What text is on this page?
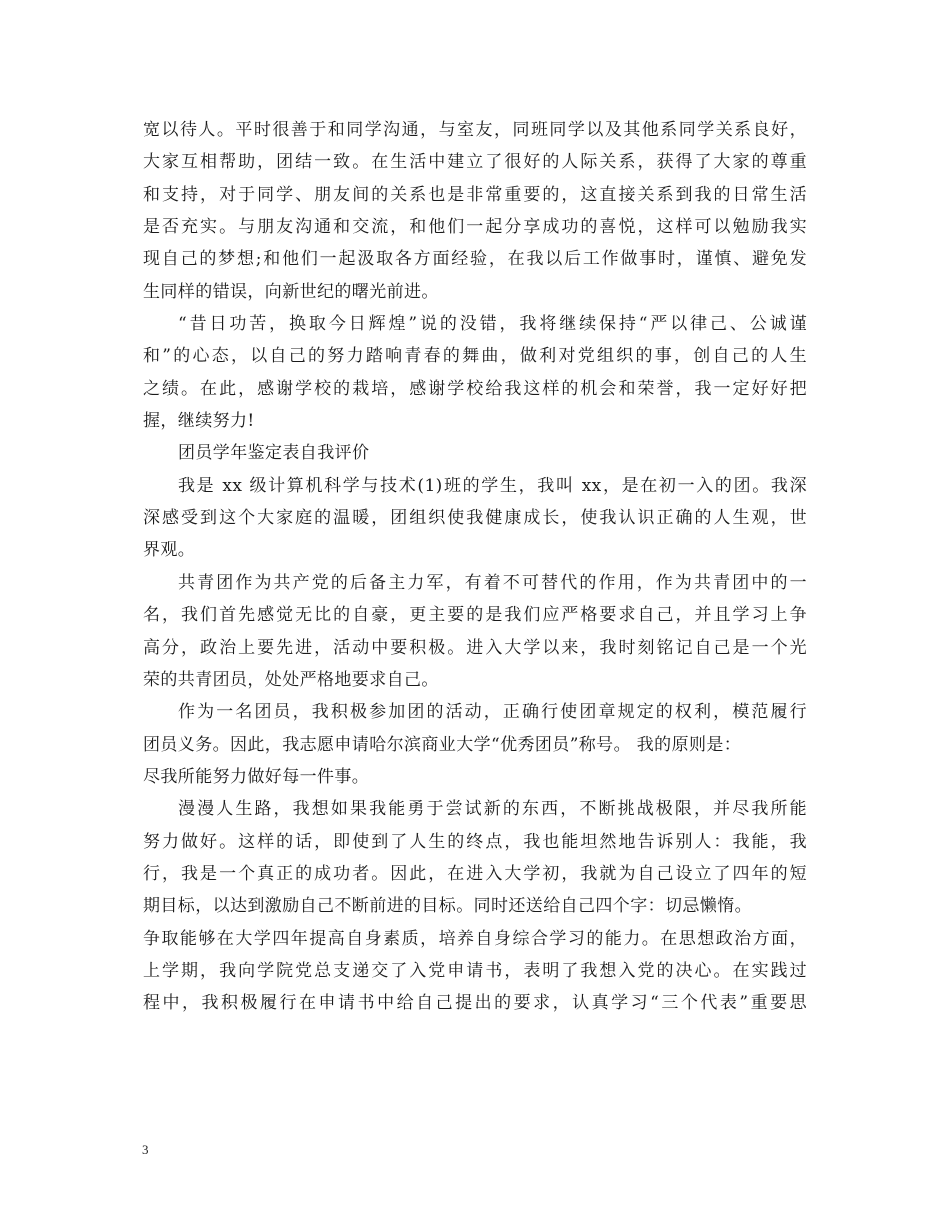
宽以待人。平时很善于和同学沟通，与室友，同班同学以及其他系同学关系良好，
大家互相帮助，团结一致。在生活中建立了很好的人际关系，获得了大家的尊重
和支持，对于同学、朋友间的关系也是非常重要的，这直接关系到我的日常生活
是否充实。与朋友沟通和交流，和他们一起分享成功的喜悦，这样可以勉励我实
现自己的梦想;和他们一起汲取各方面经验，在我以后工作做事时，谨慎、避免发
生同样的错误，向新世纪的曙光前进。
“昔日功苦，换取今日辉煌”说的没错，我将继续保持“严以律己、公诚谨
和”的心态，以自己的努力踏响青春的舞曲，做利对党组织的事，创自己的人生
之绩。在此，感谢学校的栽培，感谢学校给我这样的机会和荣誉，我一定好好把
握，继续努力!
团员学年鉴定表自我评价
我是 xx 级计算机科学与技术(1)班的学生，我叫 xx，是在初一入的团。我深
深感受到这个大家庭的温暖，团组织使我健康成长，使我认识正确的人生观，世
界观。
共青团作为共产党的后备主力军，有着不可替代的作用，作为共青团中的一
名，我们首先感觉无比的自豪，更主要的是我们应严格要求自己，并且学习上争
高分，政治上要先进，活动中要积极。进入大学以来，我时刻铭记自己是一个光
荣的共青团员，处处严格地要求自己。
作为一名团员，我积极参加团的活动，正确行使团章规定的权利，模范履行
团员义务。因此，我志愿申请哈尔滨商业大学“优秀团员”称号。 我的原则是：
尽我所能努力做好每一件事。
漫漫人生路，我想如果我能勇于尝试新的东西，不断挑战极限，并尽我所能
努力做好。这样的话，即使到了人生的终点，我也能坦然地告诉别人：我能，我
行，我是一个真正的成功者。因此，在进入大学初，我就为自己设立了四年的短
期目标，以达到激励自己不断前进的目标。同时还送给自己四个字：切忌懒惰。
争取能够在大学四年提高自身素质，培养自身综合学习的能力。在思想政治方面，
上学期，我向学院党总支递交了入党申请书，表明了我想入党的决心。在实践过
程中，我积极履行在申请书中给自己提出的要求，认真学习“三个代表”重要思
3
